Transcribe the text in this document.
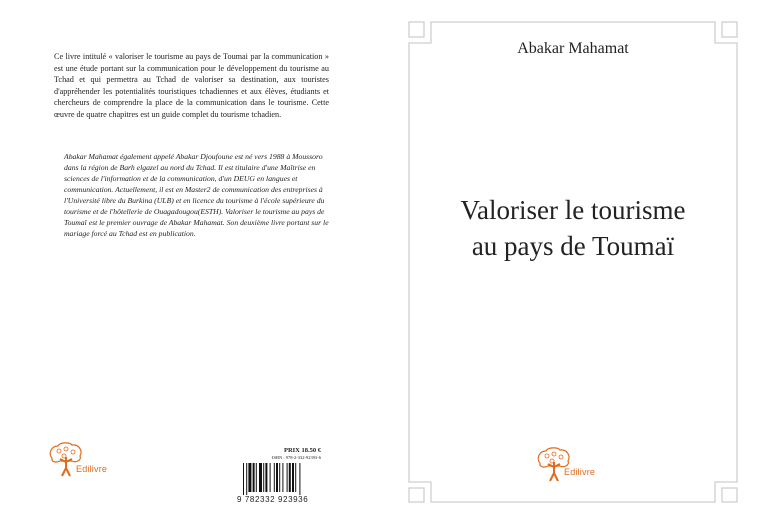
Ce livre intitulé « valoriser le tourisme au pays de Toumai par la communication » est une étude portant sur la communication pour le développement du tourisme au Tchad et qui permettra au Tchad de valoriser sa destination, aux touristes d'appréhender les potentialités touristiques tchadiennes et aux élèves, étudiants et chercheurs de comprendre la place de la communication dans le tourisme. Cette œuvre de quatre chapitres est un guide complet du tourisme tchadien.
Abakar Mahamat également appelé Abakar Djoufoune est né vers 1988 à Moussoro dans la région de Barh elgazel au nord du Tchad. Il est titulaire d'une Maîtrise en sciences de l'information et de la communication, d'un DEUG en langues et communication. Actuellement, il est en Master2 de communication des entreprises à l'Université libre du Burkina (ULB) et en licence du tourisme à l'école supérieure du tourisme et de l'hôtellerie de Ouagadougou(ESTH). Valoriser le tourisme au pays de Toumaï est le premier ouvrage de Abakar Mahamat. Son deuxième livre portant sur le mariage forcé au Tchad est en publication.
Edilivre
PRIX 18.50 €
ISBN : 978-2-332-92393-6
9 782332 923936
Abakar Mahamat
Valoriser le tourisme
au pays de Toumaï
Edilivre
